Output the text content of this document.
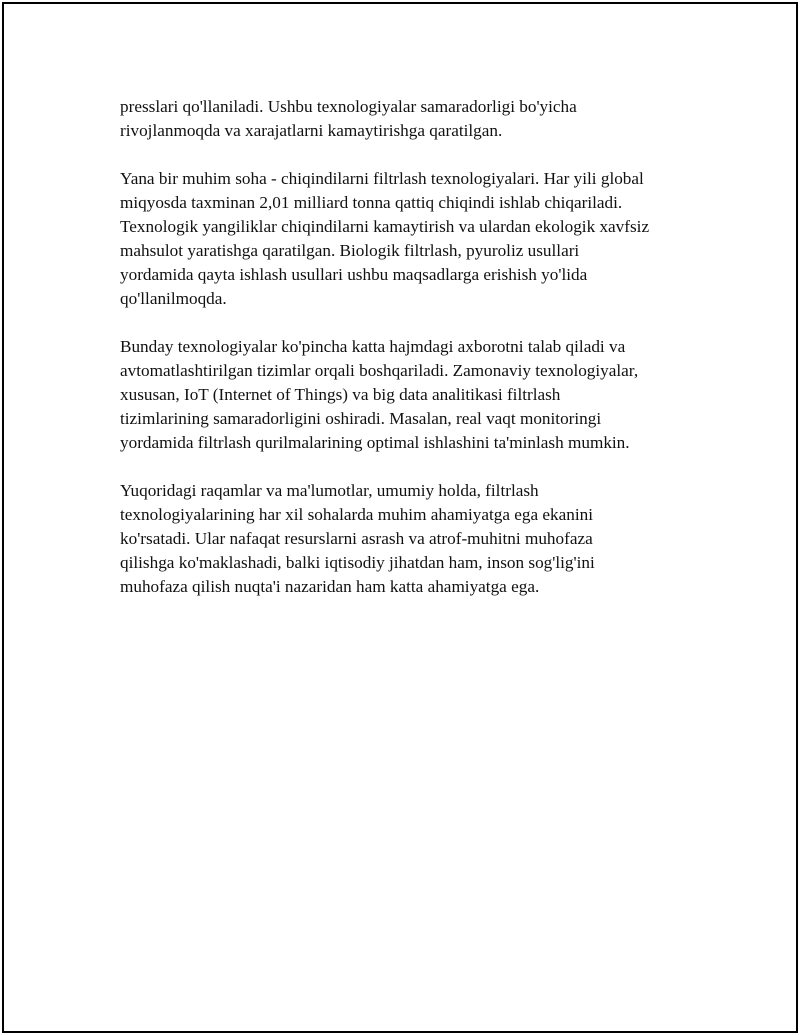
presslari qo'llaniladi. Ushbu texnologiyalar samaradorligi bo'yicha
rivojlanmoqda va xarajatlarni kamaytirishga qaratilgan.

Yana bir muhim soha - chiqindilarni filtrlash texnologiyalari. Har yili global
miqyosda taxminan 2,01 milliard tonna qattiq chiqindi ishlab chiqariladi.
Texnologik yangiliklar chiqindilarni kamaytirish va ulardan ekologik xavfsiz
mahsulot yaratishga qaratilgan. Biologik filtrlash, pyuroliz usullari
yordamida qayta ishlash usullari ushbu maqsadlarga erishish yo'lida
qo'llanilmoqda.

Bunday texnologiyalar ko'pincha katta hajmdagi axborotni talab qiladi va
avtomatlashtirilgan tizimlar orqali boshqariladi. Zamonaviy texnologiyalar,
xususan, IoT (Internet of Things) va big data analitikasi filtrlash
tizimlarining samaradorligini oshiradi. Masalan, real vaqt monitoringi
yordamida filtrlash qurilmalarining optimal ishlashini ta'minlash mumkin.

Yuqoridagi raqamlar va ma'lumotlar, umumiy holda, filtrlash
texnologiyalarining har xil sohalarda muhim ahamiyatga ega ekanini
ko'rsatadi. Ular nafaqat resurslarni asrash va atrof-muhitni muhofaza
qilishga ko'maklashadi, balki iqtisodiy jihatdan ham, inson sog'lig'ini
muhofaza qilish nuqta'i nazaridan ham katta ahamiyatga ega.
